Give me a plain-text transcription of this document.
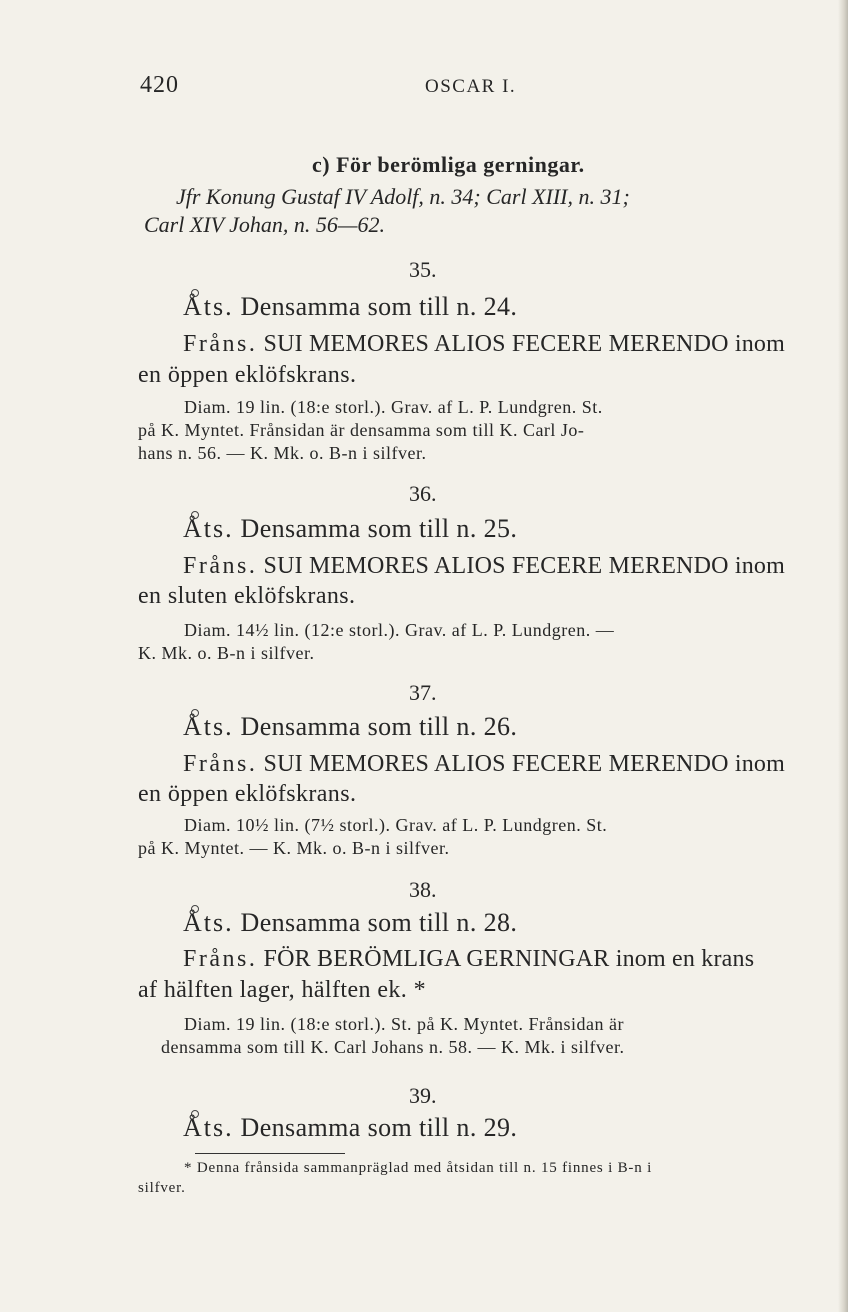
420	OSCAR I.
c) För berömliga gerningar.
Jfr Konung Gustaf IV Adolf, n. 34; Carl XIII, n. 31;
Carl XIV Johan, n. 56—62.
35.
Åts. Densamma som till n. 24.
Fråns. SUI MEMORES ALIOS FECERE MERENDO inom
en öppen eklöfskrans.
Diam. 19 lin. (18:e storl.). Grav. af L. P. Lundgren. St.
på K. Myntet. Frånsidan är densamma som till K. Carl Jo-
hans n. 56. — K. Mk. o. B-n i silfver.
36.
Åts. Densamma som till n. 25.
Fråns. SUI MEMORES ALIOS FECERE MERENDO inom
en sluten eklöfskrans.
Diam. 14½ lin. (12:e storl.). Grav. af L. P. Lundgren. —
K. Mk. o. B-n i silfver.
37.
Åts. Densamma som till n. 26.
Fråns. SUI MEMORES ALIOS FECERE MERENDO inom
en öppen eklöfskrans.
Diam. 10½ lin. (7½ storl.). Grav. af L. P. Lundgren. St.
på K. Myntet. — K. Mk. o. B-n i silfver.
38.
Åts. Densamma som till n. 28.
Fråns. FÖR BERÖMLIGA GERNINGAR inom en krans
af hälften lager, hälften ek. *
Diam. 19 lin. (18:e storl.). St. på K. Myntet. Frånsidan är
densamma som till K. Carl Johans n. 58. — K. Mk. i silfver.
39.
Åts. Densamma som till n. 29.
* Denna frånsida sammanpräglad med åtsidan till n. 15 finnes i B-n i
silfver.
